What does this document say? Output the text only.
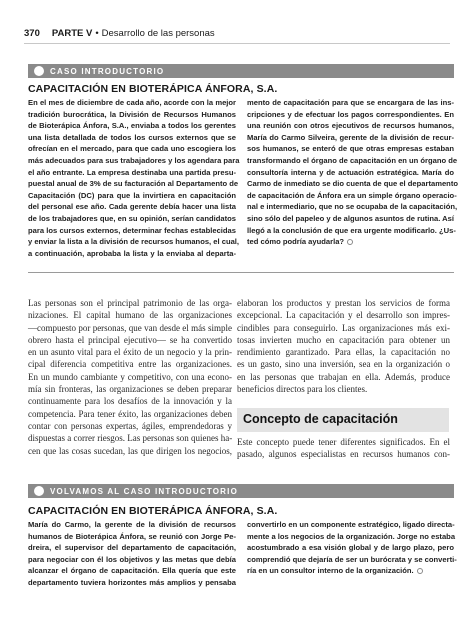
370 PARTE V • Desarrollo de las personas
CASO INTRODUCTORIO
CAPACITACIÓN EN BIOTERÁPICA ÁNFORA, S.A.
En el mes de diciembre de cada año, acorde con la mejor
tradición burocrática, la División de Recursos Humanos
de Bioterápica Ánfora, S.A., enviaba a todos los gerentes
una lista detallada de todos los cursos externos que se
ofrecían en el mercado, para que cada uno escogiera los
más adecuados para sus trabajadores y los agendara para
el año entrante. La empresa destinaba una partida presu-
puestal anual de 3% de su facturación al Departamento de
Capacitación (DC) para que la invirtiera en capacitación
del personal ese año. Cada gerente debía hacer una lista
de los trabajadores que, en su opinión, serían candidatos
para los cursos externos, determinar fechas establecidas
y enviar la lista a la división de recursos humanos, el cual,
a continuación, aprobaba la lista y la enviaba al departa-
mento de capacitación para que se encargara de las ins-
cripciones y de efectuar los pagos correspondientes. En
una reunión con otros ejecutivos de recursos humanos,
María do Carmo Silveira, gerente de la división de recur-
sos humanos, se enteró de que otras empresas estaban
transformando el órgano de capacitación en un órgano de
consultoría interna y de actuación estratégica. María do
Carmo de inmediato se dio cuenta de que el departamento
de capacitación de Ánfora era un simple órgano operacio-
nal e intermediario, que no se ocupaba de la capacitación,
sino sólo del papeleo y de algunos asuntos de rutina. Así
llegó a la conclusión de que era urgente modificarlo. ¿Us-
ted cómo podría ayudarla?
Las personas son el principal patrimonio de las orga-
nizaciones. El capital humano de las organizaciones
—compuesto por personas, que van desde el más simple
obrero hasta el principal ejecutivo— se ha convertido
en un asunto vital para el éxito de un negocio y la prin-
cipal diferencia competitiva entre las organizaciones.
En un mundo cambiante y competitivo, con una econo-
mía sin fronteras, las organizaciones se deben preparar
continuamente para los desafíos de la innovación y la
competencia. Para tener éxito, las organizaciones deben
contar con personas expertas, ágiles, emprendedoras y
dispuestas a correr riesgos. Las personas son quienes ha-
cen que las cosas sucedan, las que dirigen los negocios,
elaboran los productos y prestan los servicios de forma
excepcional. La capacitación y el desarrollo son impres-
cindibles para conseguirlo. Las organizaciones más exi-
tosas invierten mucho en capacitación para obtener un
rendimiento garantizado. Para ellas, la capacitación no
es un gasto, sino una inversión, sea en la organización o
en las personas que trabajan en ella. Además, produce
beneficios directos para los clientes.
Concepto de capacitación
Este concepto puede tener diferentes significados. En el
pasado, algunos especialistas en recursos humanos con-
VOLVAMOS AL CASO INTRODUCTORIO
CAPACITACIÓN EN BIOTERÁPICA ÁNFORA, S.A.
María do Carmo, la gerente de la división de recursos
humanos de Bioterápica Ánfora, se reunió con Jorge Pe-
dreira, el supervisor del departamento de capacitación,
para negociar con él los objetivos y las metas que debía
alcanzar el órgano de capacitación. Ella quería que este
departamento tuviera horizontes más amplios y pensaba
convertirlo en un componente estratégico, ligado directa-
mente a los negocios de la organización. Jorge no estaba
acostumbrado a esa visión global y de largo plazo, pero
comprendió que dejaría de ser un burócrata y se converti-
ría en un consultor interno de la organización.
